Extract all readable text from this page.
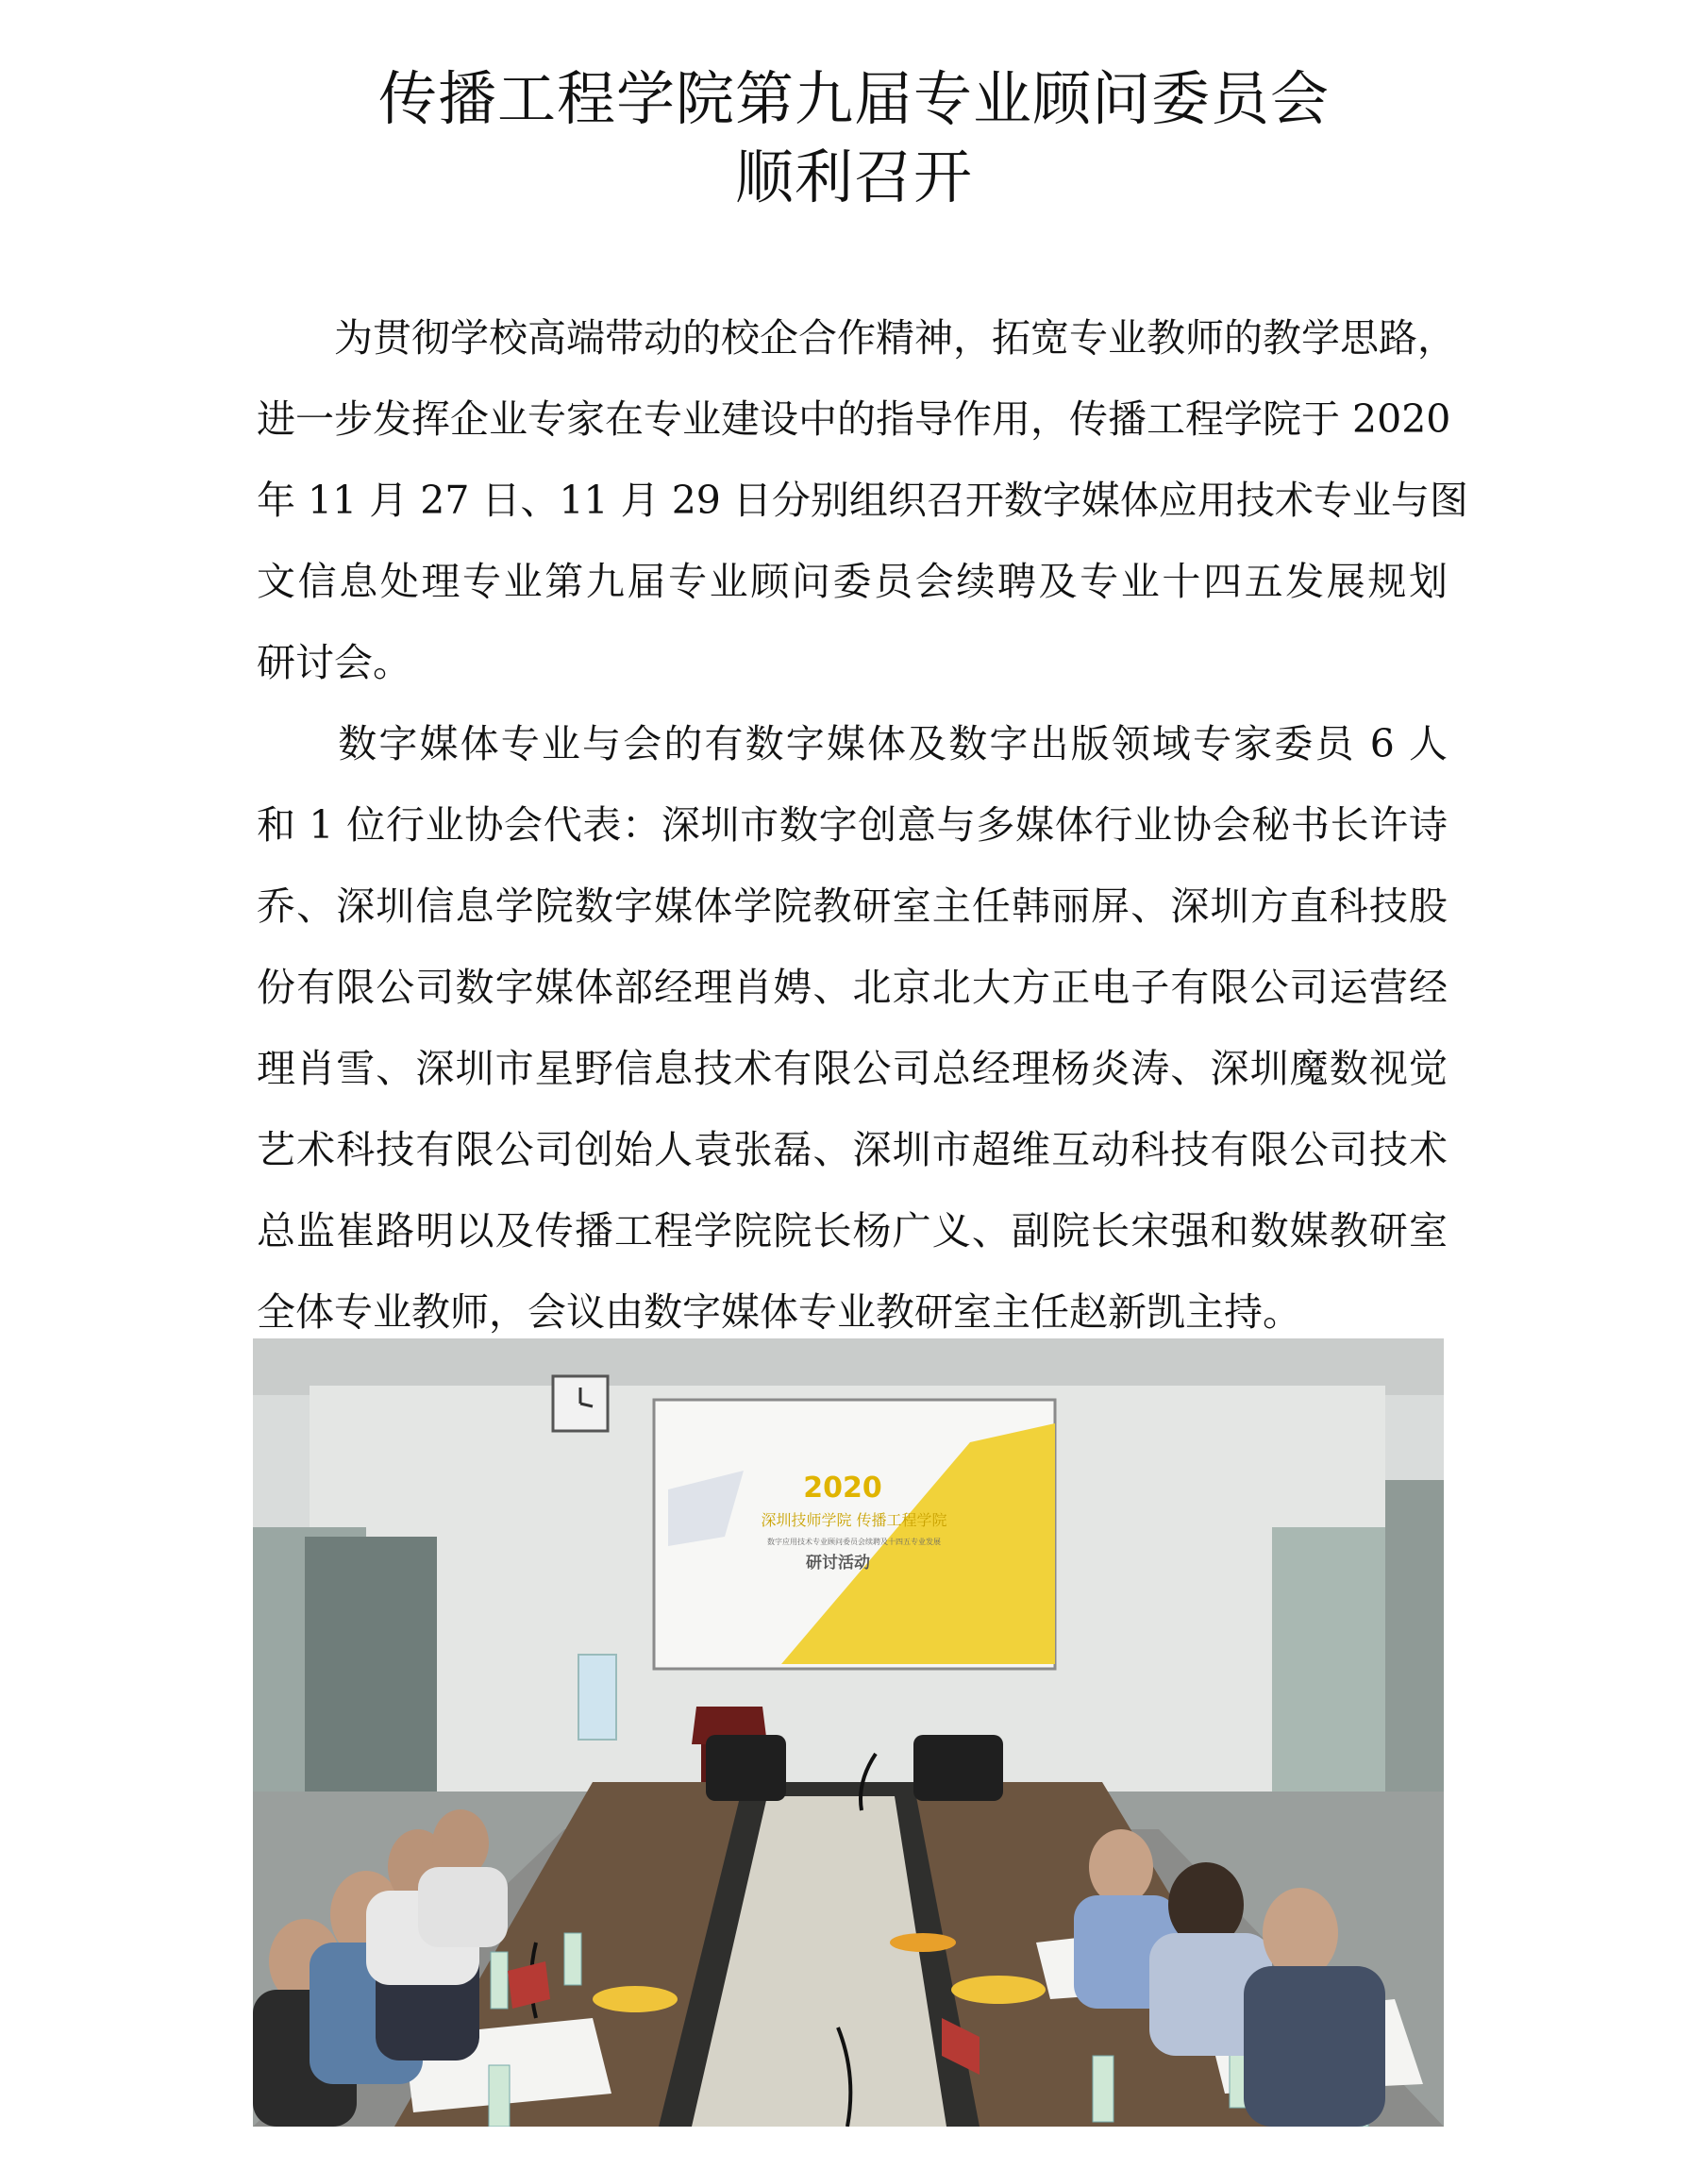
传播工程学院第九届专业顾问委员会
顺利召开
　　为贯彻学校高端带动的校企合作精神，拓宽专业教师的教学思路，
进一步发挥企业专家在专业建设中的指导作用，传播工程学院于 2020
年 11 月 27 日、11 月 29 日分别组织召开数字媒体应用技术专业与图
文信息处理专业第九届专业顾问委员会续聘及专业十四五发展规划
研讨会。
　　数字媒体专业与会的有数字媒体及数字出版领域专家委员 6 人
和 1 位行业协会代表：深圳市数字创意与多媒体行业协会秘书长许诗
乔、深圳信息学院数字媒体学院教研室主任韩丽屏、深圳方直科技股
份有限公司数字媒体部经理肖娉、北京北大方正电子有限公司运营经
理肖雪、深圳市星野信息技术有限公司总经理杨炎涛、深圳魔数视觉
艺术科技有限公司创始人袁张磊、深圳市超维互动科技有限公司技术
总监崔路明以及传播工程学院院长杨广义、副院长宋强和数媒教研室
全体专业教师，会议由数字媒体专业教研室主任赵新凯主持。
2020
深圳技师学院 传播工程学院
数字应用技术专业顾问委员会续聘及十四五专业发展
研讨活动
